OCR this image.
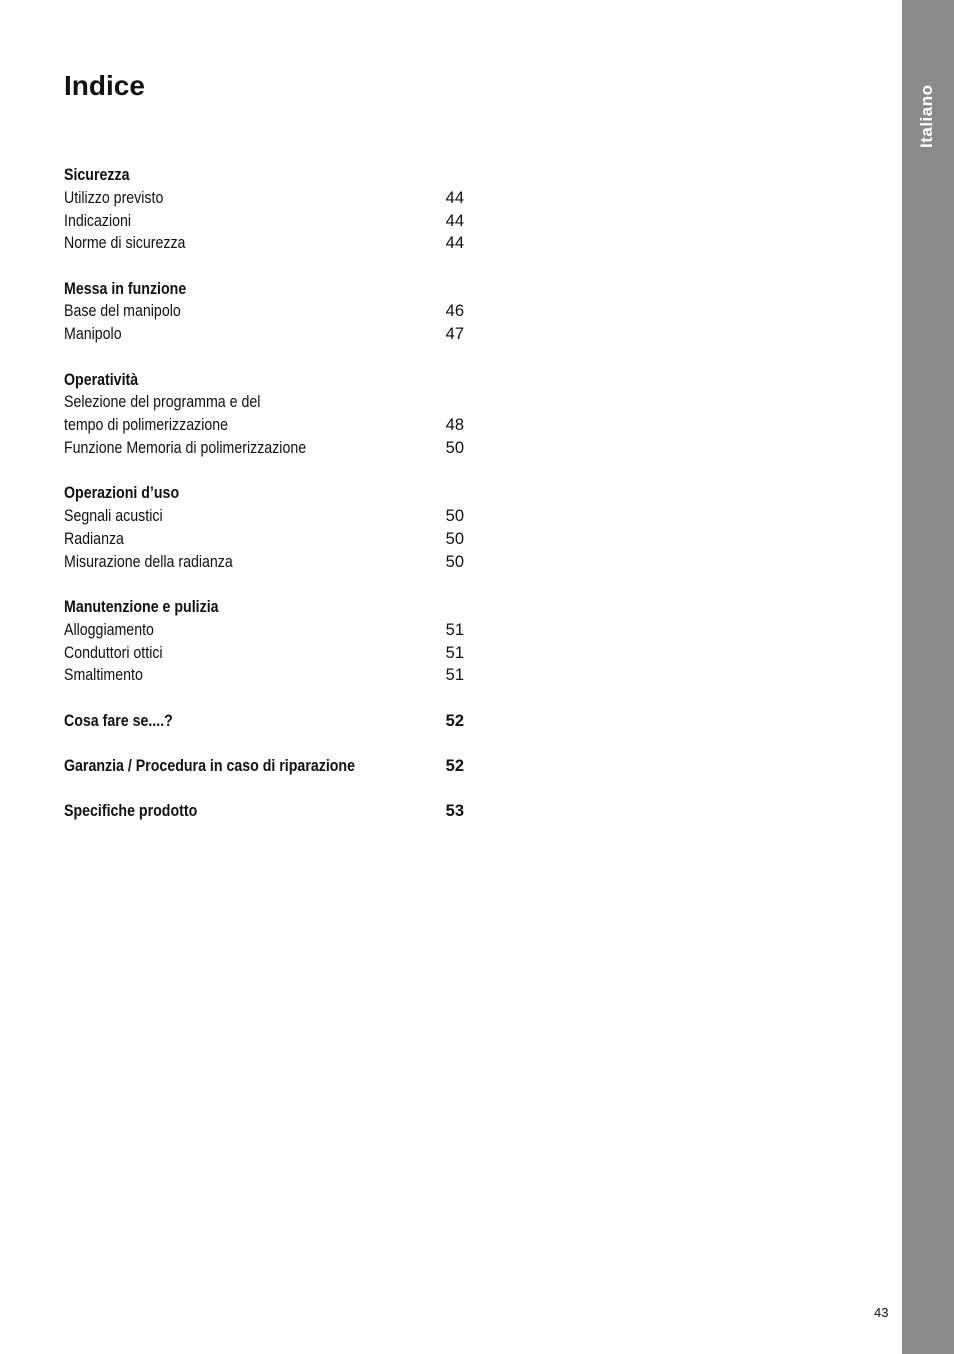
Italiano
Indice
Sicurezza
Utilizzo previsto	44
Indicazioni	44
Norme di sicurezza	44
Messa in funzione
Base del manipolo	46
Manipolo	47
Operatività
Selezione del programma e del
tempo di polimerizzazione	48
Funzione Memoria di polimerizzazione	50
Operazioni d’uso
Segnali acustici	50
Radianza	50
Misurazione della radianza	50
Manutenzione e pulizia
Alloggiamento	51
Conduttori ottici	51
Smaltimento	51
Cosa fare se....?	52
Garanzia / Procedura in caso di riparazione	52
Specifiche prodotto	53
43
